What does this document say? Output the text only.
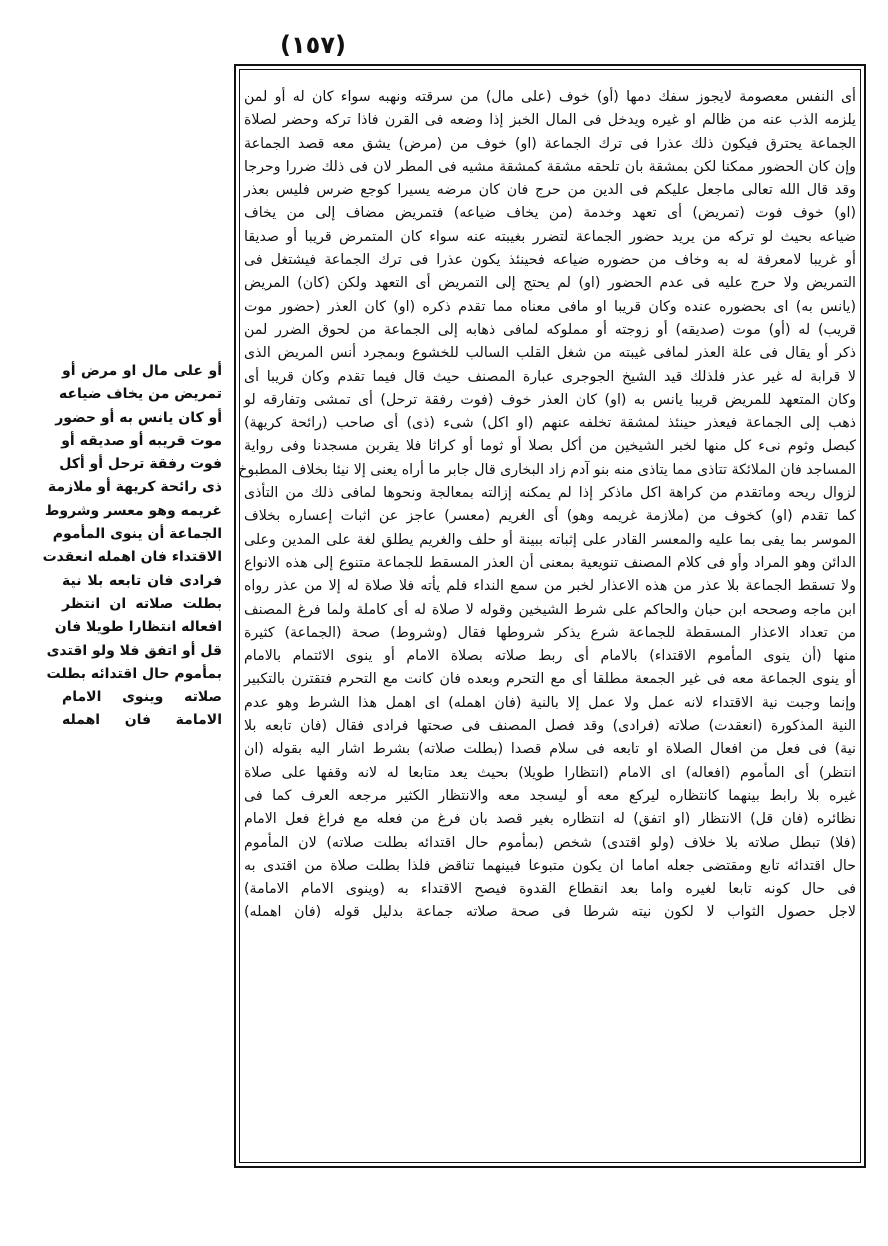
(١٥٧)
أى النفس معصومة لايجوز سفك دمها (أو) خوف (على مال) من سرقته ونهبه سواء كان له أو لمن
يلزمه الذب عنه من ظالم او غيره ويدخل فى المال الخبز إذا وضعه فى القرن فاذا تركه وحضر لصلاة
الجماعة يحترق فيكون ذلك عذرا فى ترك الجماعة (او) خوف من (مرض) يشق معه قصد الجماعة
وإن كان الحضور ممكنا لكن بمشقة بان تلحقه مشقة كمشقة مشيه فى المطر لان فى ذلك ضررا وحرجا
وقد قال الله تعالى ماجعل عليكم فى الدين من حرج فان كان مرضه يسيرا كوجع ضرس فليس بعذر
(او) خوف فوت (تمريض) أى تعهد وخدمة (من يخاف ضياعه) فتمريض مضاف إلى من يخاف
ضياعه بحيث لو تركه من يريد حضور الجماعة لتضرر بغيبته عنه سواء كان المتمرض قريبا أو صديقا
أو غريبا لامعرفة له به وخاف من حضوره ضياعه فحينئذ يكون عذرا فى ترك الجماعة فيشتغل فى
التمريض ولا حرج عليه فى عدم الحضور (او) لم يحتج إلى التمريض أى التعهد ولكن (كان) المريض
(يانس به) اى بحضوره عنده وكان قريبا او مافى معناه مما تقدم ذكره (او) كان العذر (حضور موت
قريب) له (أو) موت (صديقه) أو زوجته أو مملوكه لمافى ذهابه إلى الجماعة من لحوق الضرر لمن
ذكر أو يقال فى علة العذر لمافى غيبته من شغل القلب السالب للخشوع وبمجرد أنس المريض الذى
لا قرابة له غير عذر فلذلك قيد الشيخ الجوجرى عبارة المصنف حيث قال فيما تقدم وكان قريبا أى
وكان المتعهد للمريض قريبا يانس به (او) كان العذر خوف (فوت رفقة ترحل) أى تمشى وتفارقه لو
ذهب إلى الجماعة فيعذر حينئذ لمشقة تخلفه عنهم (او اكل) شىء (ذى) أى صاحب (رائحة كريهة)
كبصل وثوم نىء كل منها لخبر الشيخين من أكل بصلا أو ثوما أو كراثا فلا يقربن مسجدنا وفى رواية
المساجد فان الملائكة تتاذى مما يتاذى منه بنو آدم زاد البخارى قال جابر ما أراه يعنى إلا نيئا بخلاف المطبوخ
لزوال ريحه وماتقدم من كراهة اكل ماذكر إذا لم يمكنه إزالته بمعالجة ونحوها لمافى ذلك من التأذى
كما تقدم (او) كخوف من (ملازمة غريمه وهو) أى الغريم (معسر) عاجز عن اثبات إعساره بخلاف
الموسر بما يفى بما عليه والمعسر القادر على إثباته ببينة أو حلف والغريم يطلق لغة على المدين وعلى
الدائن وهو المراد وأو فى كلام المصنف تنويعية بمعنى أن العذر المسقط للجماعة متنوع إلى هذه الانواع
ولا تسقط الجماعة بلا عذر من هذه الاعذار لخبر من سمع النداء فلم يأته فلا صلاة له إلا من عذر رواه
ابن ماجه وصححه ابن حبان والحاكم على شرط الشيخين وقوله لا صلاة له أى كاملة ولما فرغ المصنف
من تعداد الاعذار المسقطة للجماعة شرع يذكر شروطها فقال (وشروط) صحة (الجماعة) كثيرة
منها (أن ينوى المأموم الاقتداء) بالامام أى ربط صلاته بصلاة الامام أو ينوى الائتمام بالامام
أو ينوى الجماعة معه فى غير الجمعة مطلقا أى مع التحرم وبعده فان كانت مع التحرم فتقترن بالتكبير
وإنما وجبت نية الاقتداء لانه عمل ولا عمل إلا بالنية (فان اهمله) اى اهمل هذا الشرط وهو عدم
النية المذكورة (انعقدت) صلاته (فرادى) وقد فصل المصنف فى صحتها فرادى فقال (فان تابعه بلا
نية) فى فعل من افعال الصلاة او تابعه فى سلام قصدا (بطلت صلاته) بشرط اشار اليه بقوله (ان
انتظر) أى المأموم (افعاله) اى الامام (انتظارا طويلا) بحيث يعد متابعا له لانه وقفها على صلاة
غيره بلا رابط بينهما كانتظاره ليركع معه أو ليسجد معه والانتظار الكثير مرجعه العرف كما فى
نظائره (فان قل) الانتظار (او اتفق) له انتظاره بغير قصد بان فرغ من فعله مع فراغ فعل الامام
(فلا) تبطل صلاته بلا خلاف (ولو اقتدى) شخص (بمأموم حال اقتدائه بطلت صلاته) لان المأموم
حال اقتدائه تابع ومقتضى جعله اماما ان يكون متبوعا فبينهما تناقض فلذا بطلت صلاة من اقتدى به
فى حال كونه تابعا لغيره واما بعد انقطاع القدوة فيصح الاقتداء به (وينوى الامام الامامة)
لاجل حصول الثواب لا لكون نيته شرطا فى صحة صلاته جماعة بدليل قوله (فان اهمله)
أو على مال او مرض أو
تمريض من يخاف ضياعه
أو كان يانس به أو حضور
موت قريبه أو صديقه أو
فوت رفقة ترحل أو أكل
ذى رائحة كريهة أو ملازمة
غريمه وهو معسر وشروط
الجماعة أن ينوى المأموم
الاقتداء فان اهمله انعقدت
فرادى فان تابعه بلا نية
بطلت صلاته ان انتظر
افعاله انتظارا طويلا فان
قل أو اتفق فلا ولو اقتدى
بمأموم حال اقتدائه بطلت
صلاته وينوى الامام
الامامة فان اهمله
